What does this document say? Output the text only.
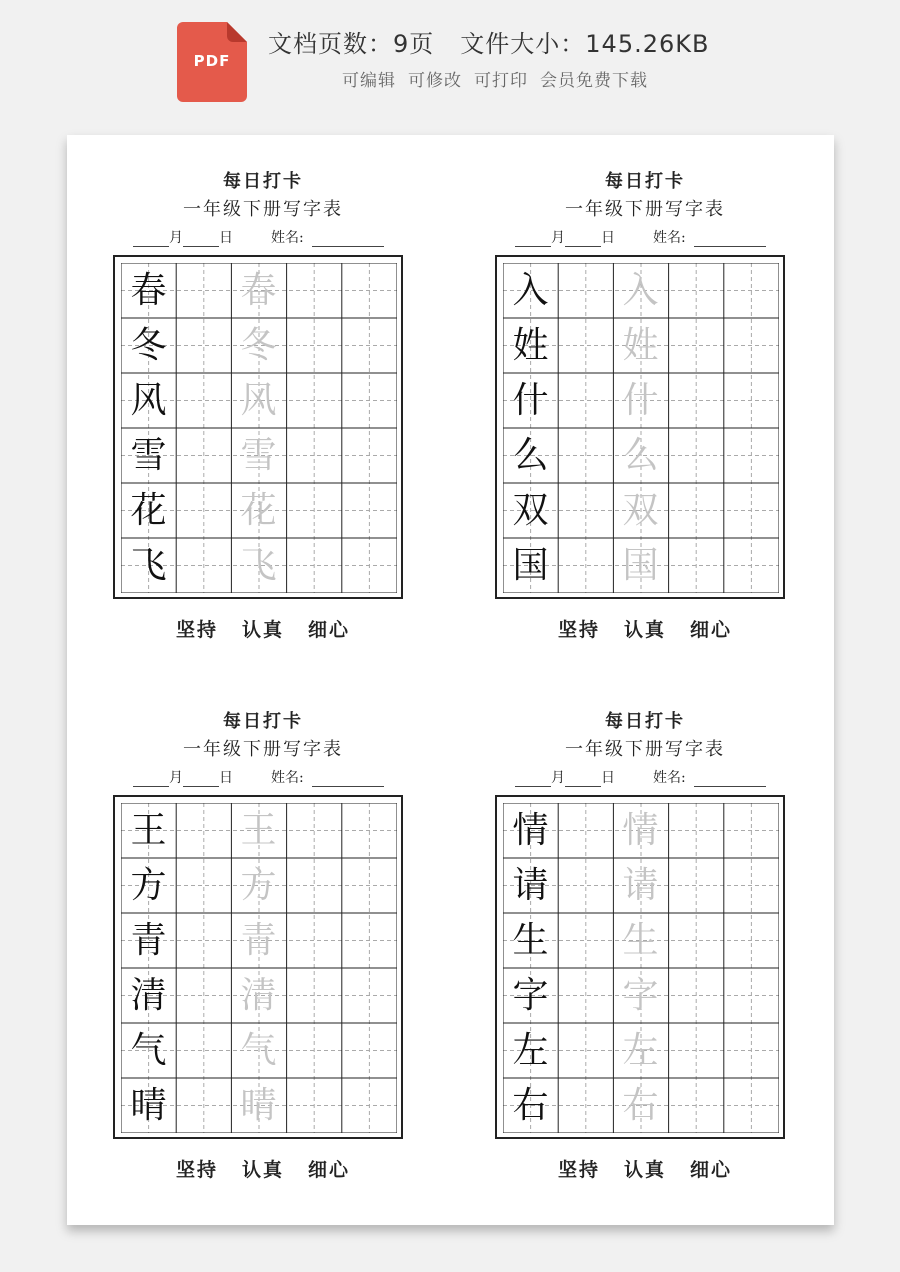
PDF
文档页数：9页 文件大小：145.26KB
可编辑 可修改 可打印 会员免费下载
每日打卡
一年级下册写字表
月	日	姓名:
春 春
冬 冬
风 风
雪 雪
花 花
飞 飞
坚持 认真 细心
每日打卡
一年级下册写字表
月	日	姓名:
入 入
姓 姓
什 什
么 么
双 双
国 国
坚持 认真 细心
每日打卡
一年级下册写字表
月	日	姓名:
王 王
方 方
青 青
清 清
气 气
晴 晴
坚持 认真 细心
每日打卡
一年级下册写字表
月	日	姓名:
情 情
请 请
生 生
字 字
左 左
右 右
坚持 认真 细心
